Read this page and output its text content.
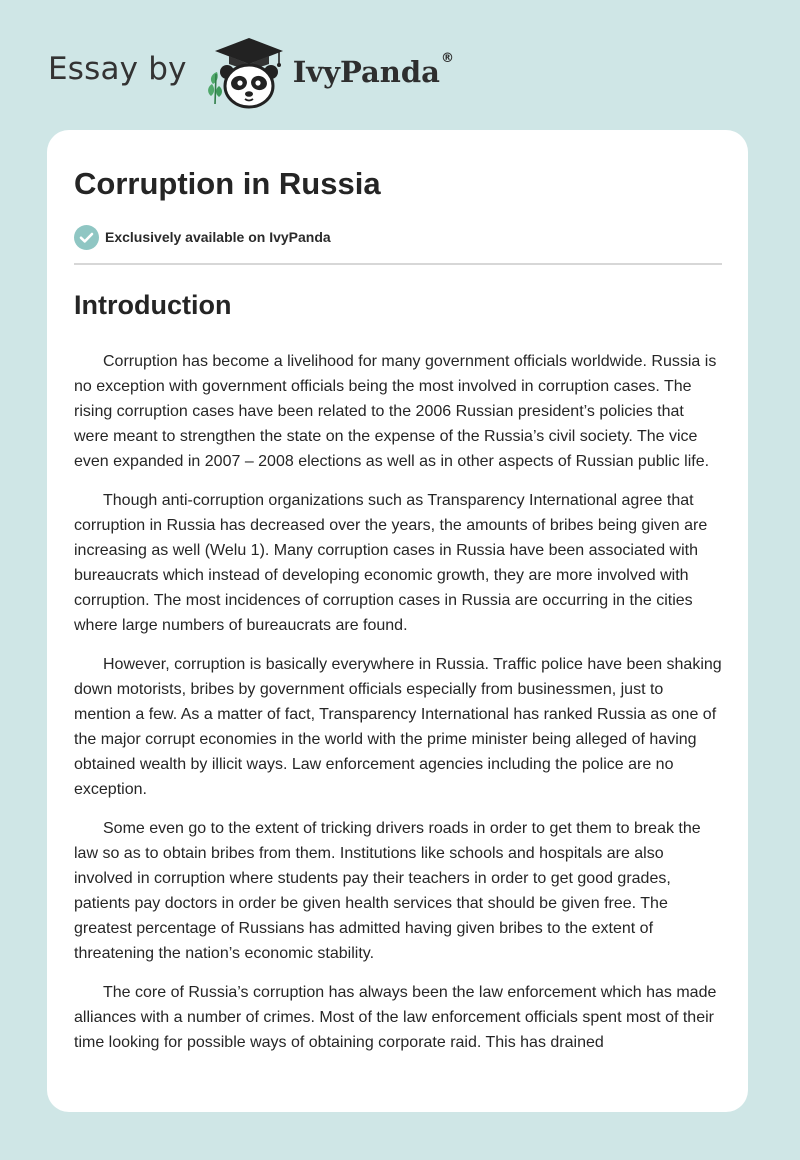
Essay by	IvyPanda®
Corruption in Russia
Exclusively available on IvyPanda
Introduction

Corruption has become a livelihood for many government officials worldwide. Russia is no exception with government officials being the most involved in corruption cases. The rising corruption cases have been related to the 2006 Russian president’s policies that were meant to strengthen the state on the expense of the Russia’s civil society. The vice even expanded in 2007 – 2008 elections as well as in other aspects of Russian public life.

Though anti-corruption organizations such as Transparency International agree that corruption in Russia has decreased over the years, the amounts of bribes being given are increasing as well (Welu 1). Many corruption cases in Russia have been associated with bureaucrats which instead of developing economic growth, they are more involved with corruption. The most incidences of corruption cases in Russia are occurring in the cities where large numbers of bureaucrats are found.

However, corruption is basically everywhere in Russia. Traffic police have been shaking down motorists, bribes by government officials especially from businessmen, just to mention a few. As a matter of fact, Transparency International has ranked Russia as one of the major corrupt economies in the world with the prime minister being alleged of having obtained wealth by illicit ways. Law enforcement agencies including the police are no exception.

Some even go to the extent of tricking drivers roads in order to get them to break the law so as to obtain bribes from them. Institutions like schools and hospitals are also involved in corruption where students pay their teachers in order to get good grades, patients pay doctors in order be given health services that should be given free. The greatest percentage of Russians has admitted having given bribes to the extent of threatening the nation’s economic stability.

The core of Russia’s corruption has always been the law enforcement which has made alliances with a number of crimes. Most of the law enforcement officials spent most of their time looking for possible ways of obtaining corporate raid. This has drained
